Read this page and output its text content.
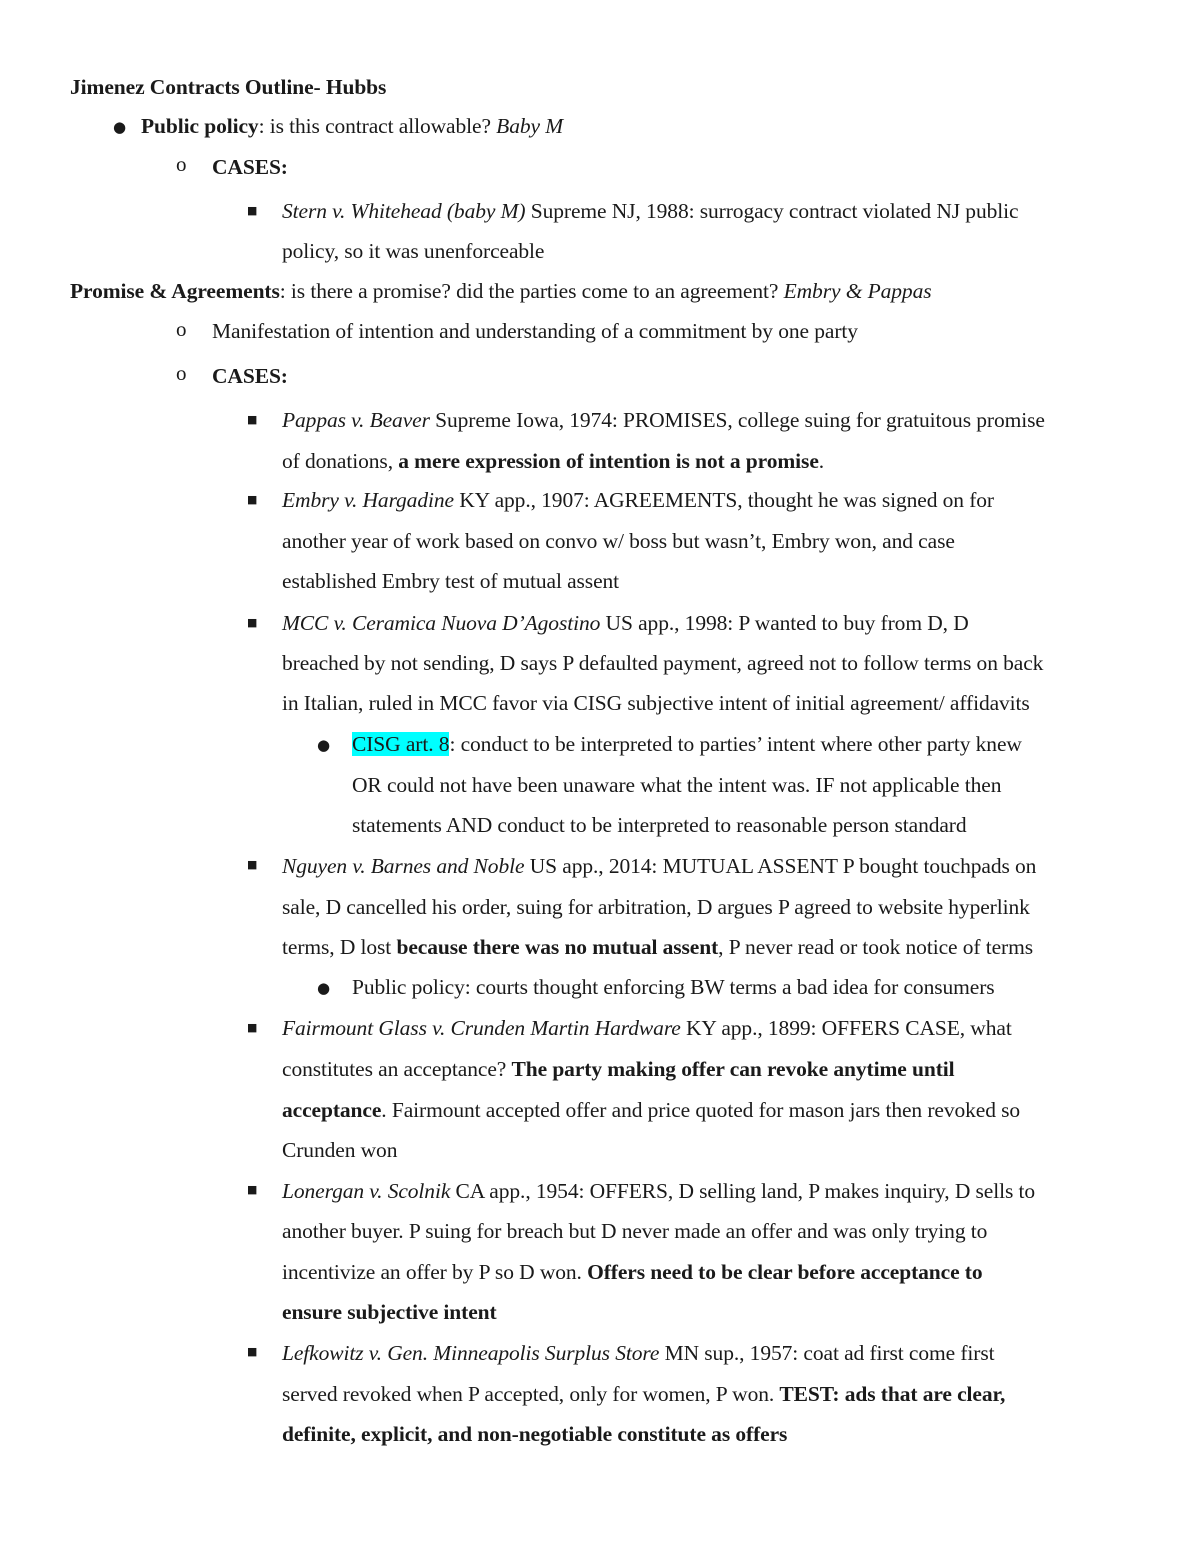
Jimenez Contracts Outline- Hubbs
● Public policy: is this contract allowable? Baby M
o CASES:
■ Stern v. Whitehead (baby M) Supreme NJ, 1988: surrogacy contract violated NJ public
policy, so it was unenforceable
Promise & Agreements: is there a promise? did the parties come to an agreement? Embry & Pappas
o Manifestation of intention and understanding of a commitment by one party
o CASES:
■ Pappas v. Beaver Supreme Iowa, 1974: PROMISES, college suing for gratuitous promise
of donations, a mere expression of intention is not a promise.
■ Embry v. Hargadine KY app., 1907: AGREEMENTS, thought he was signed on for
another year of work based on convo w/ boss but wasn’t, Embry won, and case
established Embry test of mutual assent
■ MCC v. Ceramica Nuova D’Agostino US app., 1998: P wanted to buy from D, D
breached by not sending, D says P defaulted payment, agreed not to follow terms on back
in Italian, ruled in MCC favor via CISG subjective intent of initial agreement/ affidavits
● CISG art. 8: conduct to be interpreted to parties’ intent where other party knew
OR could not have been unaware what the intent was. IF not applicable then
statements AND conduct to be interpreted to reasonable person standard
■ Nguyen v. Barnes and Noble US app., 2014: MUTUAL ASSENT P bought touchpads on
sale, D cancelled his order, suing for arbitration, D argues P agreed to website hyperlink
terms, D lost because there was no mutual assent, P never read or took notice of terms
● Public policy: courts thought enforcing BW terms a bad idea for consumers
■ Fairmount Glass v. Crunden Martin Hardware KY app., 1899: OFFERS CASE, what
constitutes an acceptance? The party making offer can revoke anytime until
acceptance. Fairmount accepted offer and price quoted for mason jars then revoked so
Crunden won
■ Lonergan v. Scolnik CA app., 1954: OFFERS, D selling land, P makes inquiry, D sells to
another buyer. P suing for breach but D never made an offer and was only trying to
incentivize an offer by P so D won. Offers need to be clear before acceptance to
ensure subjective intent
■ Lefkowitz v. Gen. Minneapolis Surplus Store MN sup., 1957: coat ad first come first
served revoked when P accepted, only for women, P won. TEST: ads that are clear,
definite, explicit, and non-negotiable constitute as offers
